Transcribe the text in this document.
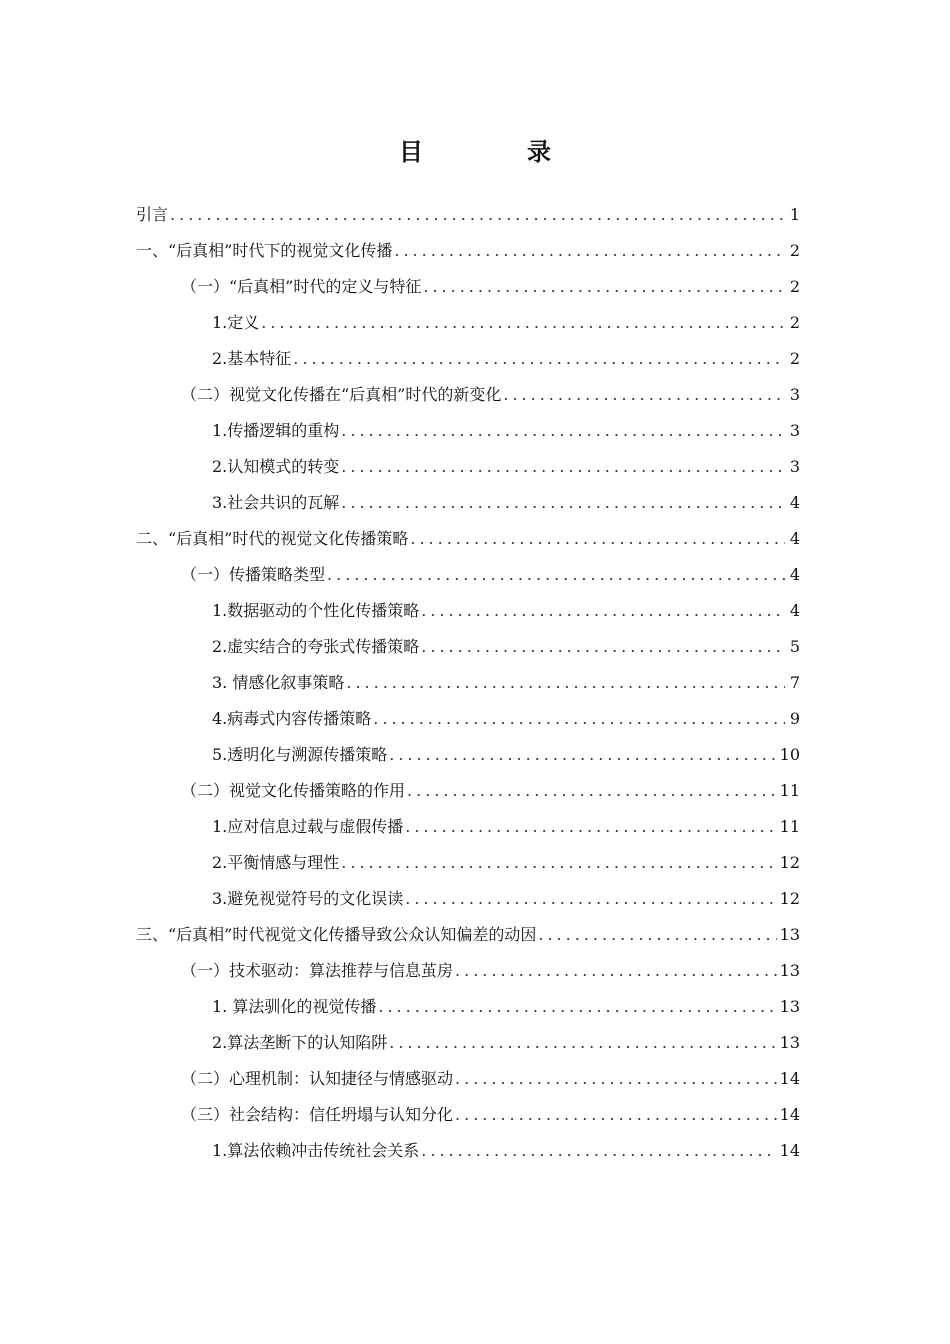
目　录
引言 .....	1
一、“后真相”时代下的视觉文化传播 .....	2
（一）“后真相”时代的定义与特征 .....	2
1.定义 .....	2
2.基本特征 .....	2
（二）视觉文化传播在“后真相”时代的新变化 .....	3
1.传播逻辑的重构 .....	3
2.认知模式的转变 .....	3
3.社会共识的瓦解 .....	4
二、“后真相”时代的视觉文化传播策略 .....	4
（一）传播策略类型 .....	4
1.数据驱动的个性化传播策略 .....	4
2.虚实结合的夸张式传播策略 .....	5
3. 情感化叙事策略 .....	7
4.病毒式内容传播策略 .....	9
5.透明化与溯源传播策略 .....	10
（二）视觉文化传播策略的作用 .....	11
1.应对信息过载与虚假传播 .....	11
2.平衡情感与理性 .....	12
3.避免视觉符号的文化误读 .....	12
三、“后真相”时代视觉文化传播导致公众认知偏差的动因 .....	13
（一）技术驱动：算法推荐与信息茧房 .....	13
1. 算法驯化的视觉传播 .....	13
2.算法垄断下的认知陷阱 .....	13
（二）心理机制：认知捷径与情感驱动 .....	14
（三）社会结构：信任坍塌与认知分化 .....	14
1.算法依赖冲击传统社会关系 .....	14
